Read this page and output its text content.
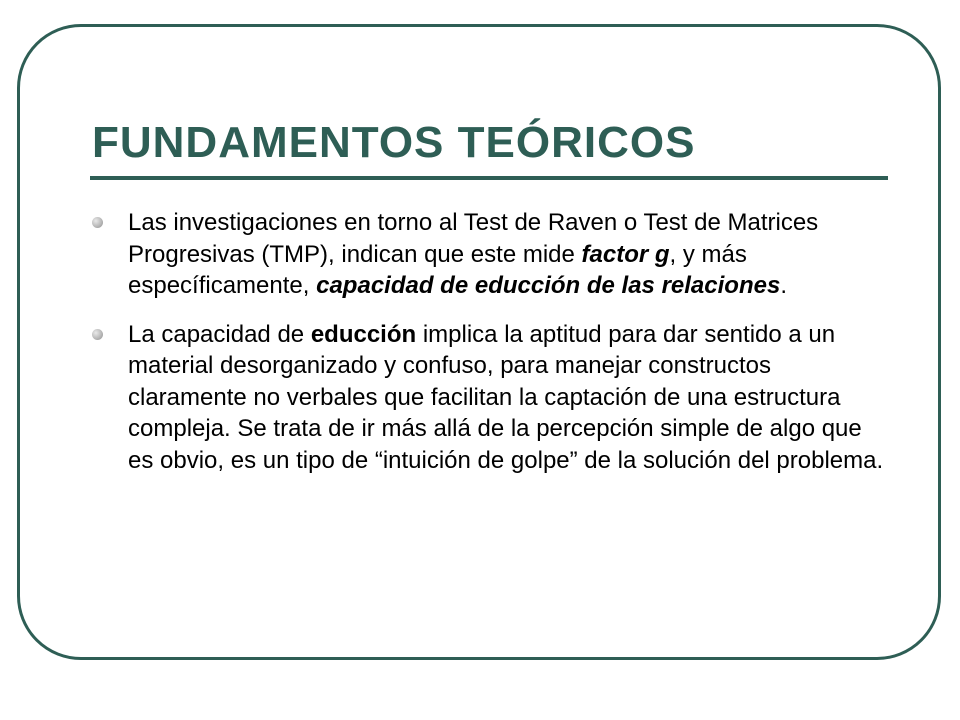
FUNDAMENTOS TEÓRICOS
Las investigaciones en torno al Test de Raven o Test de Matrices Progresivas (TMP), indican que este mide factor g, y más específicamente, capacidad de educción de las relaciones.
La capacidad de educción implica la aptitud para dar sentido a un material desorganizado y confuso, para manejar constructos claramente no verbales que facilitan la captación de una estructura compleja. Se trata de ir más allá de la percepción simple de algo que es obvio, es un tipo de “intuición de golpe” de la solución del problema.
